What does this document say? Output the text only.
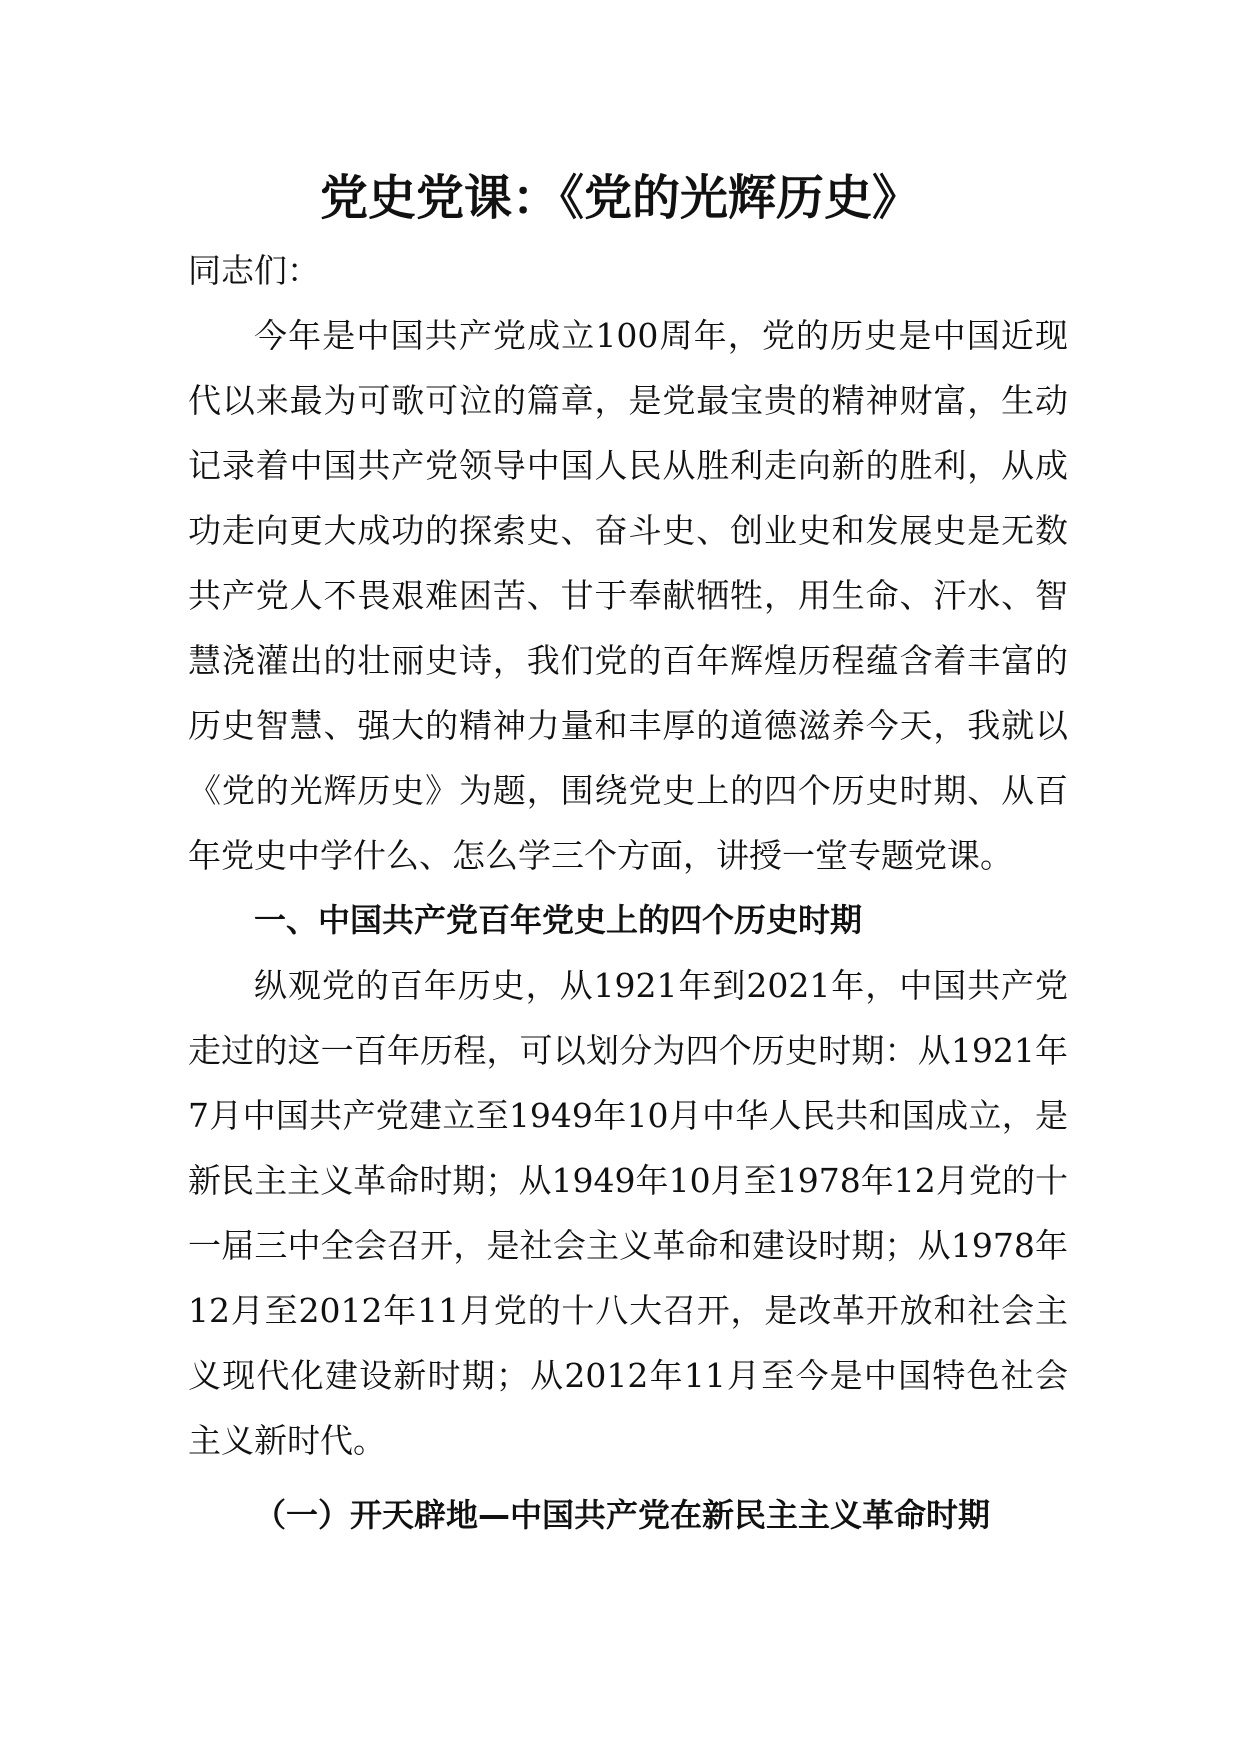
党史党课：《党的光辉历史》

同志们：

今年是中国共产党成立100周年，党的历史是中国近现代以来最为可歌可泣的篇章，是党最宝贵的精神财富，生动记录着中国共产党领导中国人民从胜利走向新的胜利，从成功走向更大成功的探索史、奋斗史、创业史和发展史是无数共产党人不畏艰难困苦、甘于奉献牺牲，用生命、汗水、智慧浇灌出的壮丽史诗，我们党的百年辉煌历程蕴含着丰富的历史智慧、强大的精神力量和丰厚的道德滋养今天，我就以《党的光辉历史》为题，围绕党史上的四个历史时期、从百年党史中学什么、怎么学三个方面，讲授一堂专题党课。

一、中国共产党百年党史上的四个历史时期

纵观党的百年历史，从1921年到2021年，中国共产党走过的这一百年历程，可以划分为四个历史时期：从1921年7月中国共产党建立至1949年10月中华人民共和国成立，是新民主主义革命时期；从1949年10月至1978年12月党的十一届三中全会召开，是社会主义革命和建设时期；从1978年12月至2012年11月党的十八大召开，是改革开放和社会主义现代化建设新时期；从2012年11月至今是中国特色社会主义新时代。

（一）开天辟地—中国共产党在新民主主义革命时期
